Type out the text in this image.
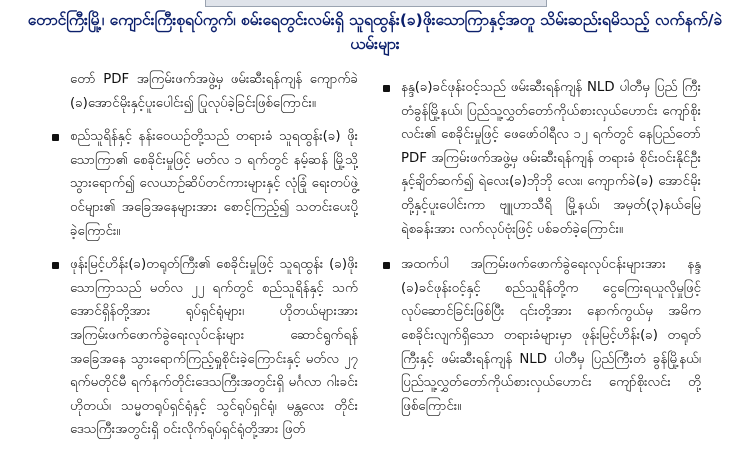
တောင်ကြီးမြို့၊ ကျောင်းကြီးစုရပ်ကွက်၊ စမ်းရေတွင်းလမ်းရှိ သူရထွန်း(ခ)ဖိုးသောကြာနှင့်အတူ သိမ်းဆည်းရမိသည့် လက်နက်/ခဲယမ်းများ
တော် PDF အကြမ်းဖက်အဖွဲ့မှ ဖမ်းဆီးရန်ကျန် ကျောက်ခဲ (ခ)အောင်မိုးနှင့်ပူးပေါင်း၍ ပြုလုပ်ခဲ့ခြင်းဖြစ်ကြောင်း။
စည်သူရိန်နှင့် နန်းဝေယဉ်တို့သည် တရားခံ သူရထွန်း(ခ) ဖိုးသောကြာ၏ စေခိုင်းမှုဖြင့် မတ်လ ၁ ရက်တွင် နမ့်ဆန် မြို့သို့သွားရောက်၍ လေယာဉ်ဆိပ်တင်ကားများနှင့် လုံခြုံ ရေးတပ်ဖွဲ့ဝင်များ၏ အခြေအနေများအား စောင့်ကြည့်၍ သတင်းပေးပို့ခဲ့ကြောင်း။
ဖုန်းမြင့်ဟိန်း(ခ)တရုတ်ကြီး၏ စေခိုင်းမှုဖြင့် သူရထွန်း (ခ)ဖိုးသောကြာသည် မတ်လ ၂၂ ရက်တွင် စည်သူရိန်နှင့် သက်အောင်ရှိန်တို့အား ရုပ်ရှင်ရုံများ၊ ဟိုတယ်များအား အကြမ်းဖက်ဖောက်ခွဲရေးလုပ်ငန်းများ ဆောင်ရွက်ရန် အခြေအနေ သွားရောက်ကြည့်ရှုစိုင်းခဲ့ကြောင်းနှင့် မတ်လ ၂၇ ရက်မတိုင်မီ ရက်နက်တိုင်းဒေသကြီးအတွင်းရှိ မင်္ဂလာ ဂါးခင်းဟိုတယ်၊ သမ္မတရုပ်ရှင်ရုံနှင့် သွင်ရုပ်ရှင်ရုံ၊ မန္တလေး တိုင်းဒေသကြီးအတွင်းရှိ ဝင်းလိုက်ရုပ်ရှင်ရုံတို့အား ဖြတ်
နန္ဒ(ခ)ခင်ဖုန်းဝင့်သည် ဖမ်းဆီးရန်ကျန် NLD ပါတီမှ ပြည် ကြီးတံခွန်မြို့နယ်၊ ပြည်သူ့လွှတ်တော်ကိုယ်စားလှယ်ဟောင်း ကျော်စိုးလင်း၏ စေခိုင်းမှုဖြင့် ဖေဖော်ဝါရီလ ၁၂ ရက်တွင် နေပြည်တော် PDF အကြမ်းဖက်အဖွဲ့မှ ဖမ်းဆီးရန်ကျန် တရားခံ စိုင်းဝင်းနိုင်ဦးနှင့်ချိတ်ဆက်၍ ရဲလေး(ခ)ဘိုဘို လေး၊ ကျောက်ခဲ(ခ) အောင်မိုးတို့နှင့်ပူးပေါင်းကာ ဗျူဟာသီရိ မြို့နယ်၊ အမှတ်(၃)နယ်မြေရဲစခန်းအား လက်လုပ်ဗုံးဖြင့် ပစ်ခတ်ခဲ့ကြောင်း။
အထက်ပါ အကြမ်းဖက်ဖောက်ခွဲရေးလုပ်ငန်းများအား နန္ဒ (ခ)ခင်ဖုန်းဝင့်နှင့် စည်သူရိန်တို့က ငွေကြေးရယူလိုမှုဖြင့် လုပ်ဆောင်ခြင်းဖြစ်ပြီး ၎င်းတို့အား နောက်ကွယ်မှ အမိက စေခိုင်းလျက်ရှိသော တရားခံများမှာ ဖုန်းမြင့်ဟိန်း(ခ) တရုတ်ကြီးနှင့် ဖမ်းဆီးရန်ကျန် NLD ပါတီမှ ပြည်ကြီးတံ ခွန်မြို့နယ်၊ ပြည်သူ့လွှတ်တော်ကိုယ်စားလှယ်ဟောင်း ကျော်စိုးလင်း တို့ဖြစ်ကြောင်း။
